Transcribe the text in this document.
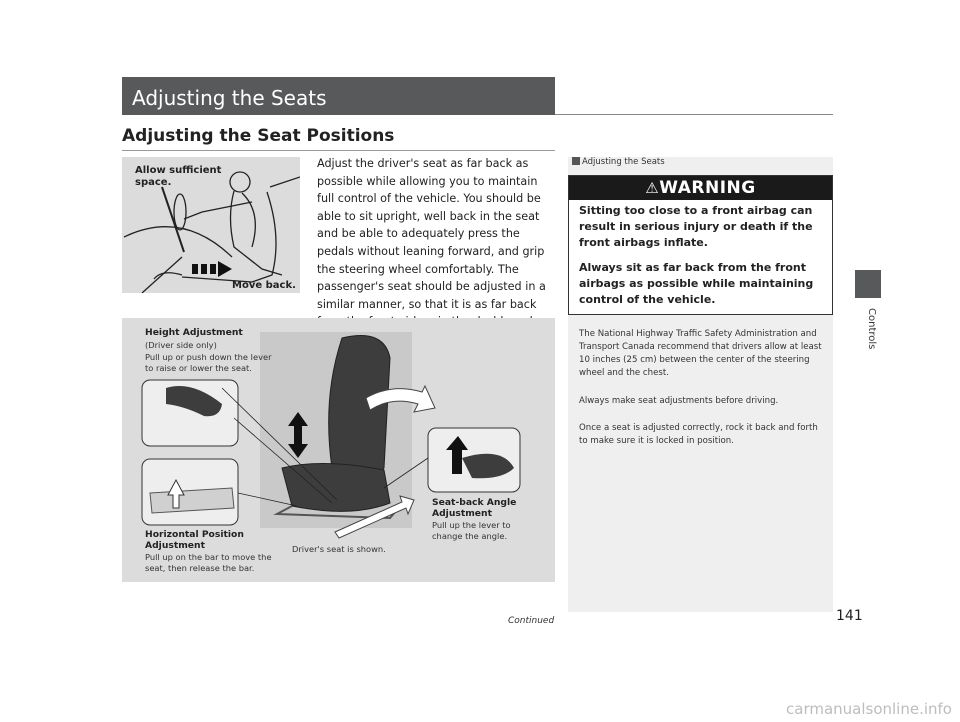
Adjusting the Seats
Adjusting the Seat Positions
Allow sufficient space.
Move back.
Adjust the driver's seat as far back as possible while allowing you to maintain full control of the vehicle. You should be able to sit upright, well back in the seat and be able to adequately press the pedals without leaning forward, and grip the steering wheel comfortably. The passenger's seat should be adjusted in a similar manner, so that it is as far back
Adjusting the Seats
⚠WARNING
Sitting too close to a front airbag can result in serious injury or death if the front airbags inflate.
Always sit as far back from the front airbags as possible while maintaining control of the vehicle.
The National Highway Traffic Safety Administration and Transport Canada recommend that drivers allow at least 10 inches (25 cm) between the center of the steering wheel and the chest.
Always make seat adjustments before driving.
Once a seat is adjusted correctly, rock it back and forth to make sure it is locked in position.
Height Adjustment
(Driver side only)
Pull up or push down the lever to raise or lower the seat.
Horizontal Position Adjustment
Pull up on the bar to move the seat, then release the bar.
Seat-back Angle Adjustment
Pull up the lever to change the angle.
Driver's seat is shown.
Controls
Continued	141
carmanualsonline.info
